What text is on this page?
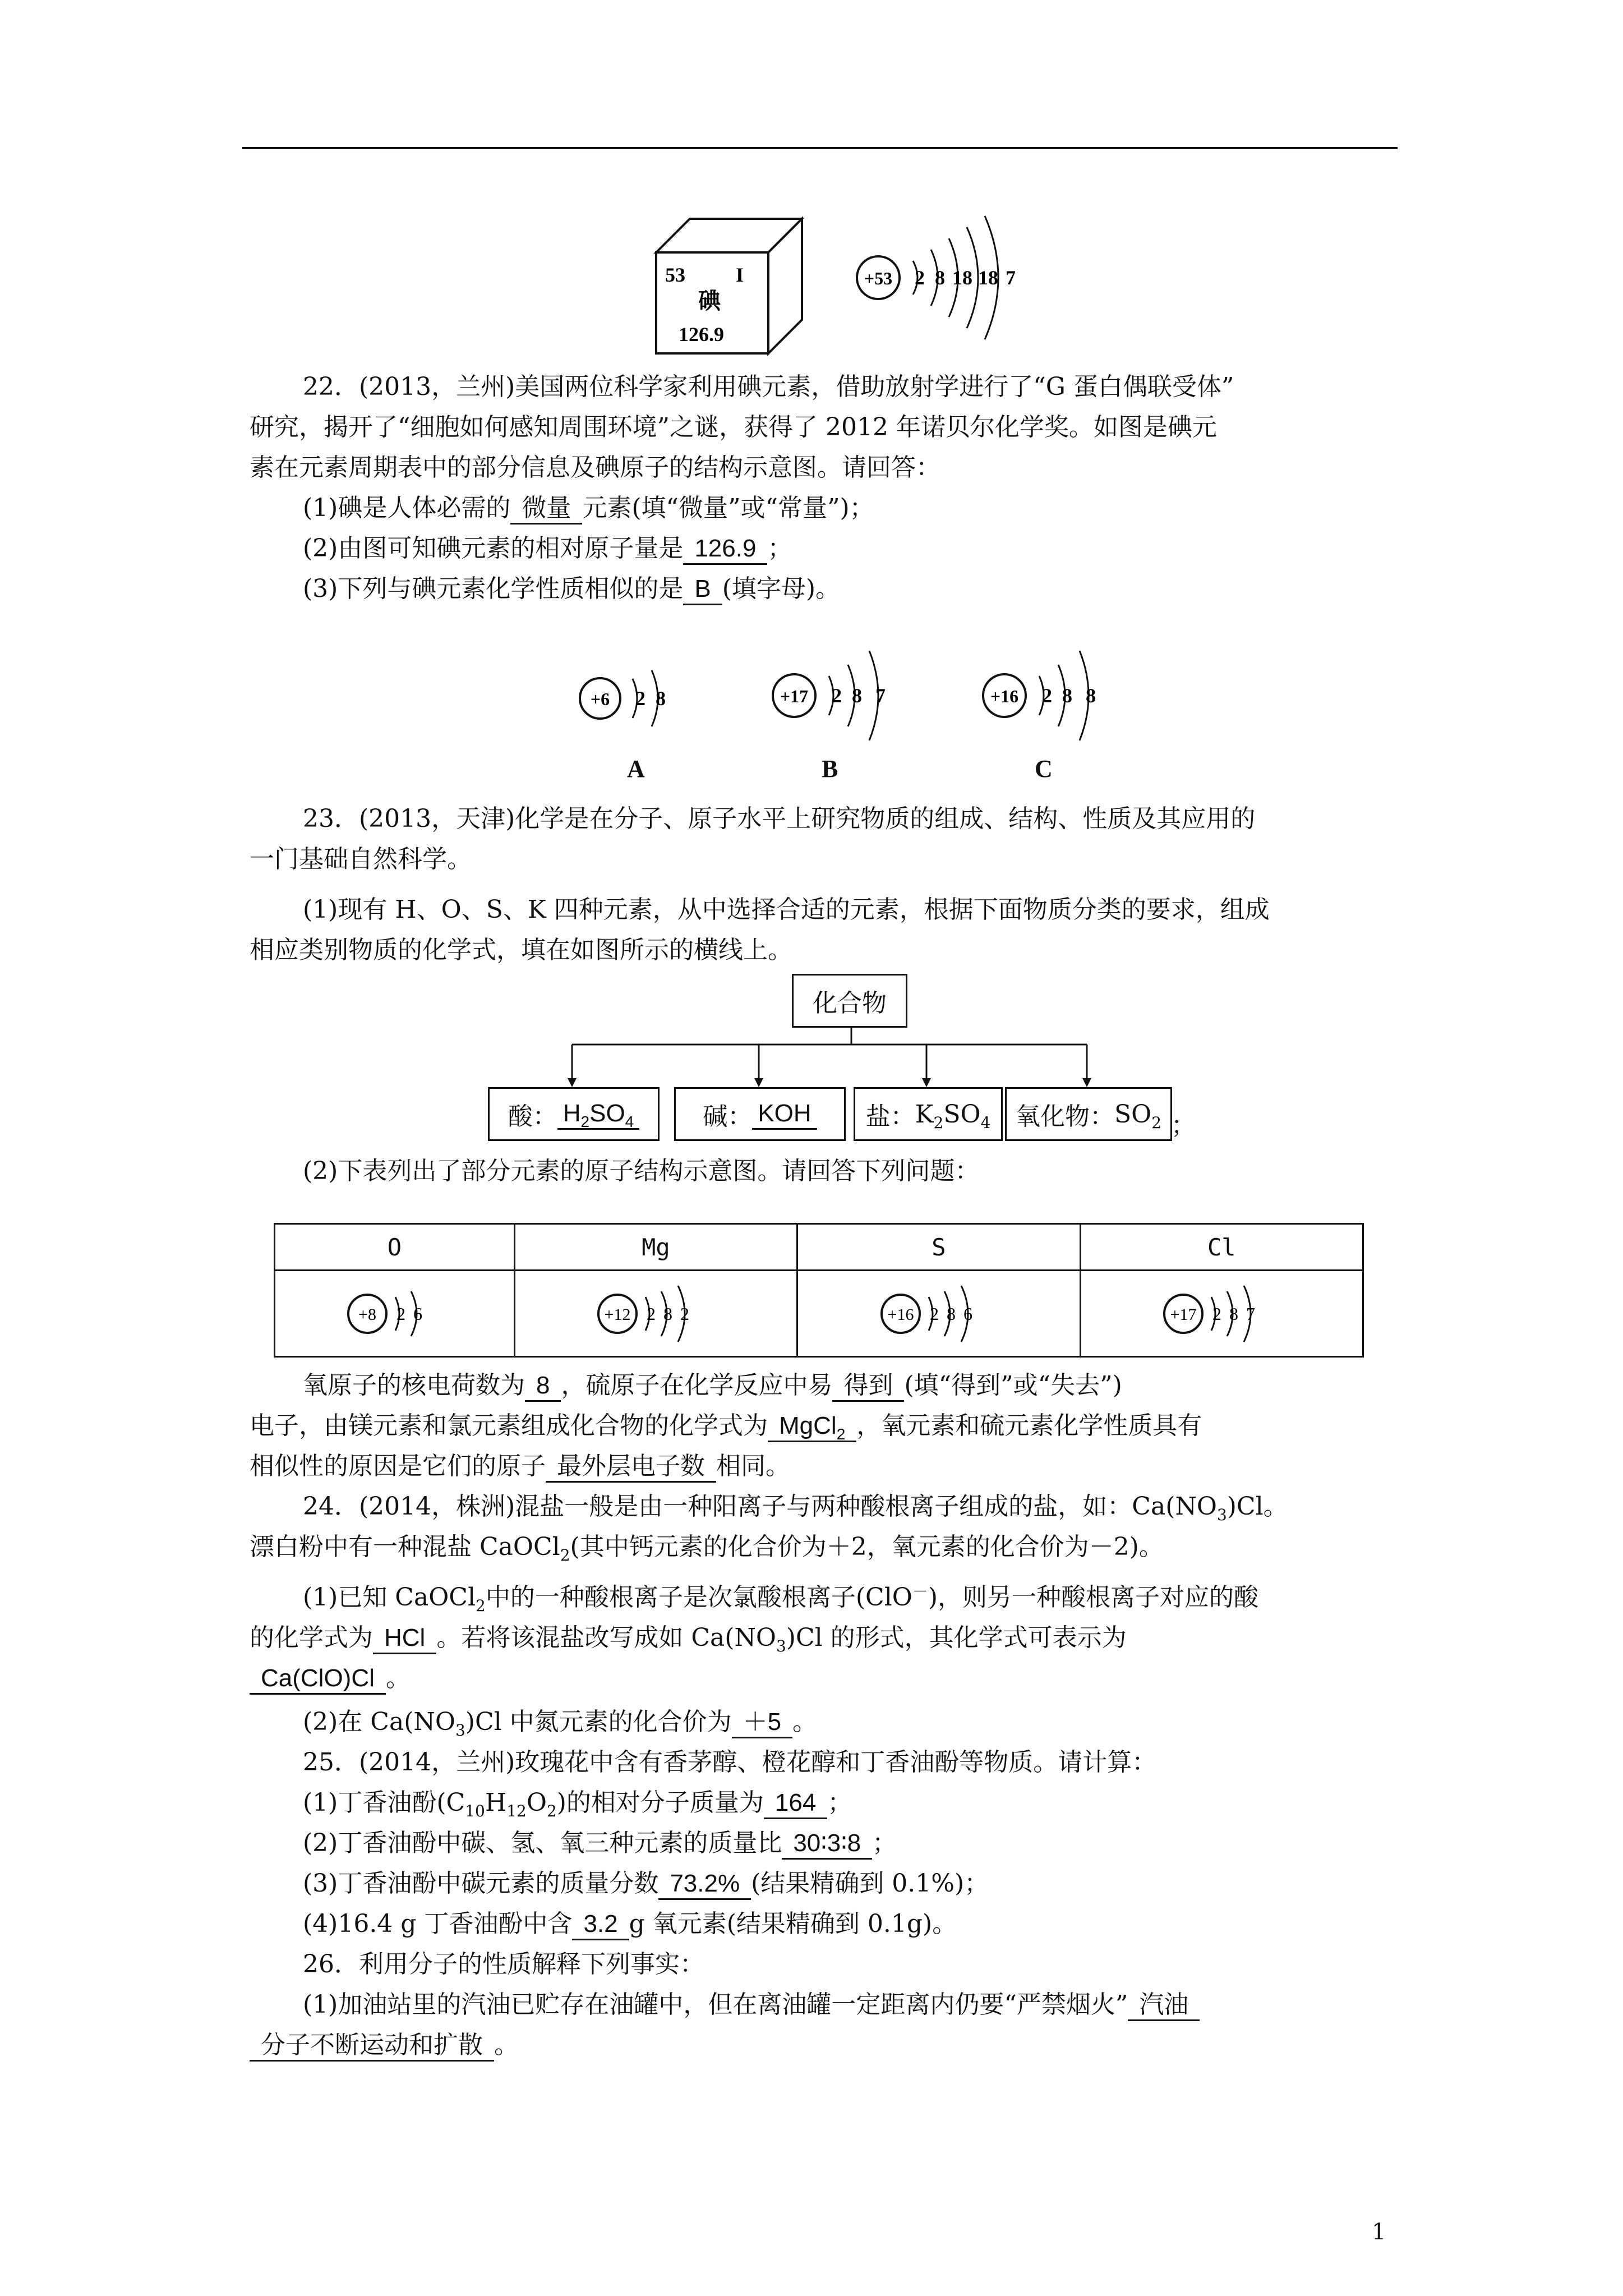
53	I
碘
126.9
+53 2 8 18 18 7
22．(2013，兰州)美国两位科学家利用碘元素，借助放射学进行了“G 蛋白偶联受体”
研究，揭开了“细胞如何感知周围环境”之谜，获得了 2012 年诺贝尔化学奖。如图是碘元
素在元素周期表中的部分信息及碘原子的结构示意图。请回答：
(1)碘是人体必需的 微量 元素(填“微量”或“常量”)；
(2)由图可知碘元素的相对原子量是 126.9 ；
(3)下列与碘元素化学性质相似的是 B (填字母)。
+6 2 8
A
+17 2 8 7
B
+16 2 8 8
C
23．(2013，天津)化学是在分子、原子水平上研究物质的组成、结构、性质及其应用的
一门基础自然科学。
(1)现有 H、O、S、K 四种元素，从中选择合适的元素，根据下面物质分类的要求，组成
相应类别物质的化学式，填在如图所示的横线上。
化合物
酸： $H_2SO_4$	碱： KOH 盐： $K_2SO_4$ 氧化物： $SO_2$ ；
(2)下表列出了部分元素的原子结构示意图。请回答下列问题：
O	Mg	S	Cl

+8 2 6	+12 2 8 2	+16 2 8 6	+17 2 8 7
氧原子的核电荷数为 8 ，硫原子在化学反应中易 得到 (填“得到”或“失去”)
电子，由镁元素和氯元素组成化合物的化学式为 MgCl$_2$ ，氧元素和硫元素化学性质具有
相似性的原因是它们的原子 最外层电子数 相同。
24．(2014，株洲)混盐一般是由一种阳离子与两种酸根离子组成的盐，如：$Ca(NO_3)Cl$。
漂白粉中有一种混盐 CaOCl$_2$(其中钙元素的化合价为＋2，氧元素的化合价为－2)。
(1)已知 CaOCl$_2$中的一种酸根离子是次氯酸根离子(ClO－)，则另一种酸根离子对应的酸
的化学式为 HCl 。若将该混盐改写成如 $Ca(NO_3)Cl$ 的形式，其化学式可表示为
Ca(ClO)Cl 。
(2)在 $Ca(NO_3)Cl$ 中氮元素的化合价为 ＋5 。
25．(2014，兰州)玫瑰花中含有香茅醇、橙花醇和丁香油酚等物质。请计算：
(1)丁香油酚$(C_{10}H_{12}O_2)$的相对分子质量为 164 ；
(2)丁香油酚中碳、氢、氧三种元素的质量比 30∶3∶8 ；
(3)丁香油酚中碳元素的质量分数 73.2% (结果精确到 0.1%)；
(4)16.4 g 丁香油酚中含 3.2 g 氧元素(结果精确到 0.1g)。
26．利用分子的性质解释下列事实：
(1)加油站里的汽油已贮存在油罐中，但在离油罐一定距离内仍要“严禁烟火” 汽油
分子不断运动和扩散 。
1
